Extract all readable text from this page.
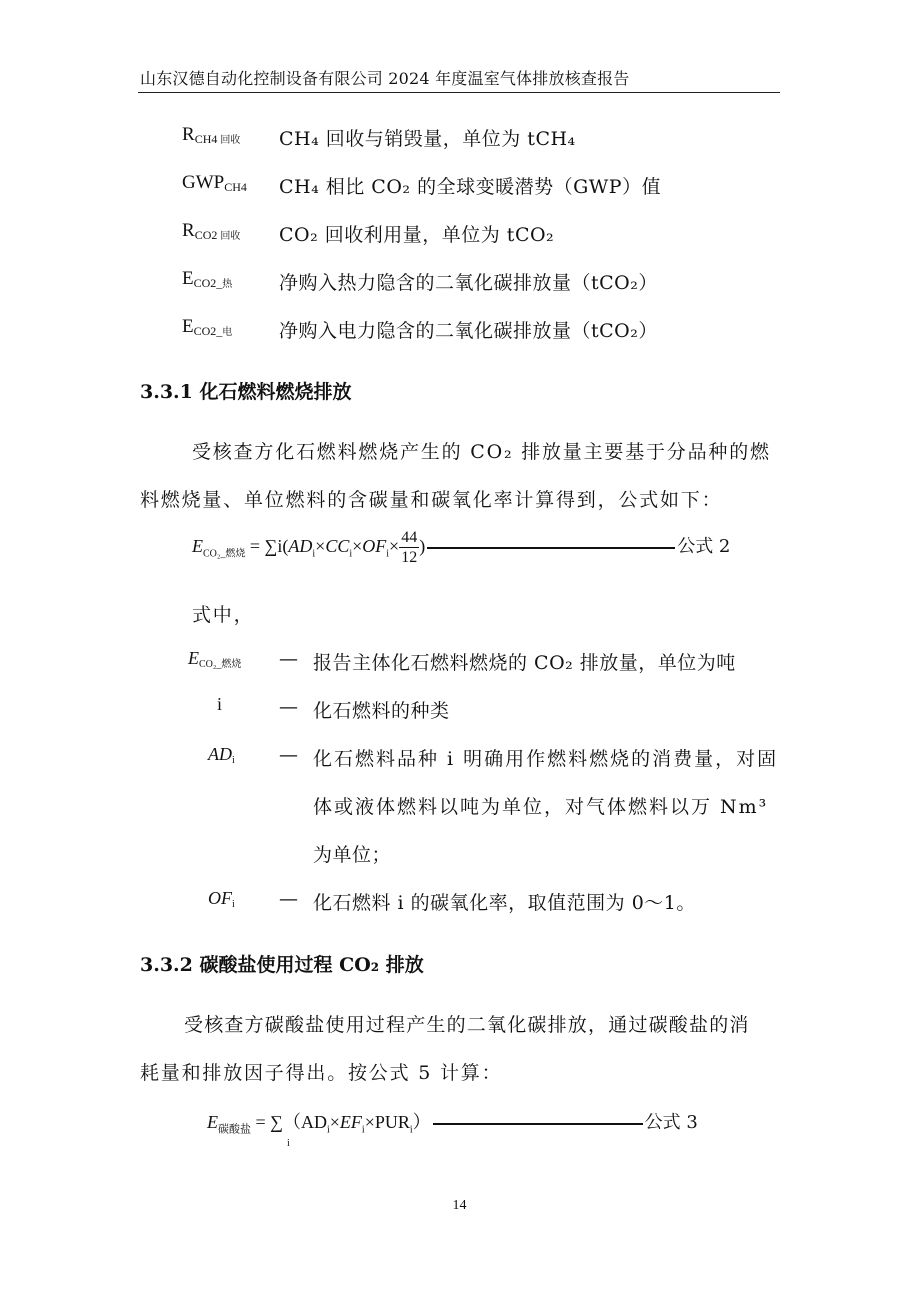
山东汉德自动化控制设备有限公司 2024 年度温室气体排放核查报告
$R_{CH4 回收}$ CH₄ 回收与销毁量，单位为 tCH₄
$GWP_{CH4}$ CH₄ 相比 CO₂ 的全球变暖潜势（GWP）值
$R_{CO2 回收}$ CO₂ 回收利用量，单位为 tCO₂
$E_{CO2\_热}$ 净购入热力隐含的二氧化碳排放量（tCO₂）
$E_{CO2\_电}$ 净购入电力隐含的二氧化碳排放量（tCO₂）
3.3.1 化石燃料燃烧排放
受核查方化石燃料燃烧产生的 CO₂ 排放量主要基于分品种的燃
料燃烧量、单位燃料的含碳量和碳氧化率计算得到，公式如下：
$E_{CO_2\_燃烧} = \sum i(AD_i\times CC_i\times OF_i\times \frac{44}{12}$ )	公式 2
式中，
$E_{CO_2\_燃烧}$ — 报告主体化石燃料燃烧的 CO₂ 排放量，单位为吨
i	— 化石燃料的种类
$AD_i$ — 化石燃料品种 i 明确用作燃料燃烧的消费量，对固
体或液体燃料以吨为单位，对气体燃料以万 Nm³
为单位；
$OF_i$ — 化石燃料 i 的碳氧化率，取值范围为 0～1。
3.3.2 碳酸盐使用过程 CO₂ 排放
受核查方碳酸盐使用过程产生的二氧化碳排放，通过碳酸盐的消
耗量和排放因子得出。按公式 5 计算：
$E_{碳酸盐} = \sum(AD_i\times EF_i\times PUR_i)$	公式 3
i
14
